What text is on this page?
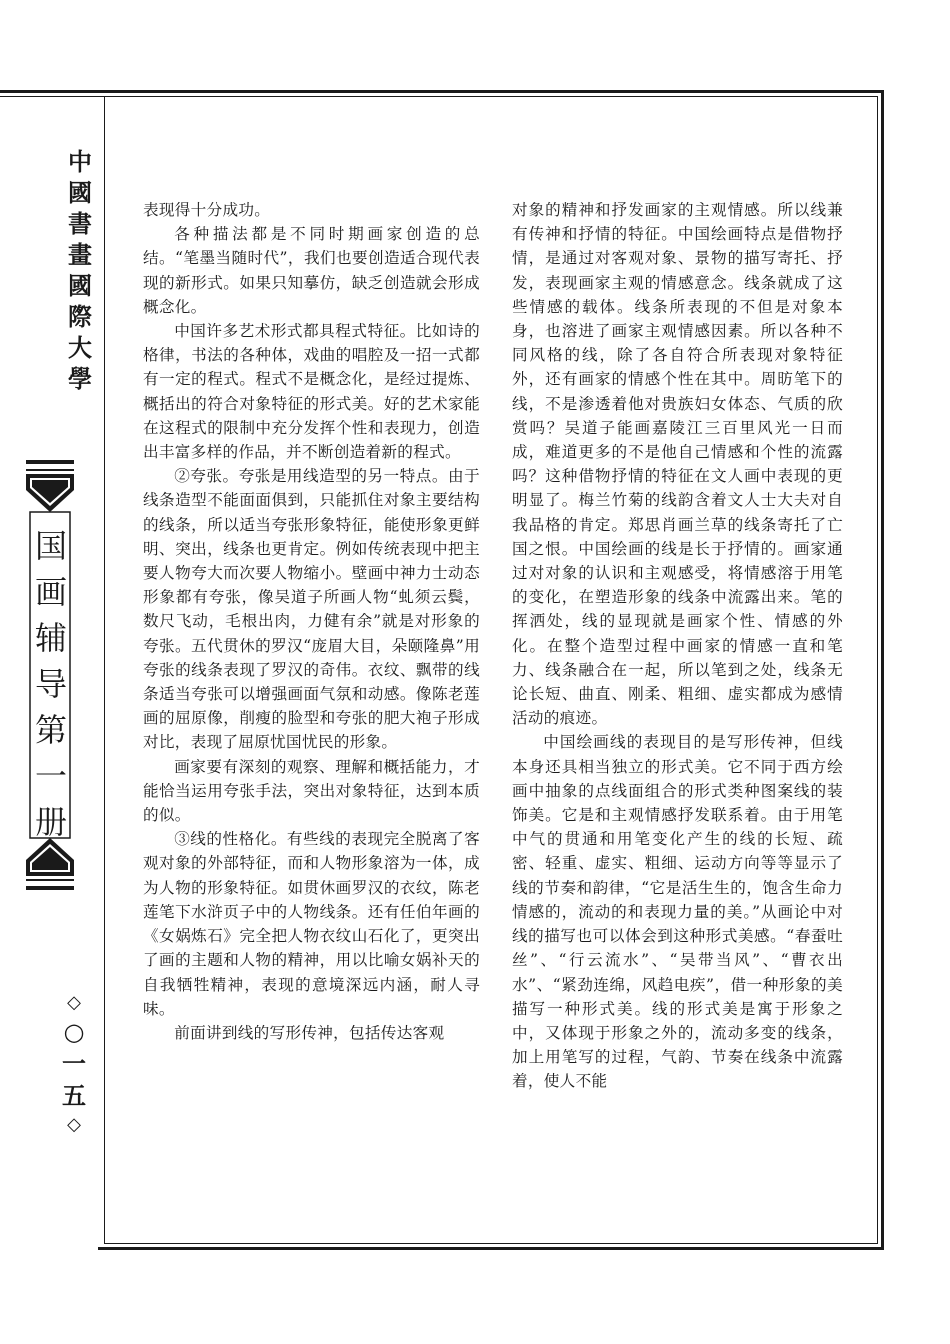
中
國
書
畫
國
際
大
學
国
画
辅
导
第
一
册
◇
○
一
五
◇

表现得十分成功。

各种描法都是不同时期画家创造的总结。“笔墨当随时代”，我们也要创造适合现代表现的新形式。如果只知摹仿，缺乏创造就会形成概念化。

中国许多艺术形式都具程式特征。比如诗的格律，书法的各种体，戏曲的唱腔及一招一式都有一定的程式。程式不是概念化，是经过提炼、概括出的符合对象特征的形式美。好的艺术家能在这程式的限制中充分发挥个性和表现力，创造出丰富多样的作品，并不断创造着新的程式。

②夸张。夸张是用线造型的另一特点。由于线条造型不能面面俱到，只能抓住对象主要结构的线条，所以适当夸张形象特征，能使形象更鲜明、突出，线条也更肯定。例如传统表现中把主要人物夸大而次要人物缩小。壁画中神力士动态形象都有夸张，像吴道子所画人物“虬须云鬓，数尺飞动，毛根出肉，力健有余”就是对形象的夸张。五代贯休的罗汉“庞眉大目，朵颐隆鼻”用夸张的线条表现了罗汉的奇伟。衣纹、飘带的线条适当夸张可以增强画面气氛和动感。像陈老莲画的屈原像，削瘦的脸型和夸张的肥大袍子形成对比，表现了屈原忧国忧民的形象。

画家要有深刻的观察、理解和概括能力，才能恰当运用夸张手法，突出对象特征，达到本质的似。

③线的性格化。有些线的表现完全脱离了客观对象的外部特征，而和人物形象溶为一体，成为人物的形象特征。如贯休画罗汉的衣纹，陈老莲笔下水浒页子中的人物线条。还有任伯年画的《女娲炼石》完全把人物衣纹山石化了，更突出了画的主题和人物的精神，用以比喻女娲补天的自我牺牲精神，表现的意境深远内涵，耐人寻味。

前面讲到线的写形传神，包括传达客观

对象的精神和抒发画家的主观情感。所以线兼有传神和抒情的特征。中国绘画特点是借物抒情，是通过对客观对象、景物的描写寄托、抒发，表现画家主观的情感意念。线条就成了这些情感的载体。线条所表现的不但是对象本身，也溶进了画家主观情感因素。所以各种不同风格的线，除了各自符合所表现对象特征外，还有画家的情感个性在其中。周昉笔下的线，不是渗透着他对贵族妇女体态、气质的欣赏吗？吴道子能画嘉陵江三百里风光一日而成，难道更多的不是他自己情感和个性的流露吗？这种借物抒情的特征在文人画中表现的更明显了。梅兰竹菊的线韵含着文人士大夫对自我品格的肯定。郑思肖画兰草的线条寄托了亡国之恨。中国绘画的线是长于抒情的。画家通过对对象的认识和主观感受，将情感溶于用笔的变化，在塑造形象的线条中流露出来。笔的挥洒处，线的显现就是画家个性、情感的外化。在整个造型过程中画家的情感一直和笔力、线条融合在一起，所以笔到之处，线条无论长短、曲直、刚柔、粗细、虚实都成为感情活动的痕迹。

中国绘画线的表现目的是写形传神，但线本身还具相当独立的形式美。它不同于西方绘画中抽象的点线面组合的形式类种图案线的装饰美。它是和主观情感抒发联系着。由于用笔中气的贯通和用笔变化产生的线的长短、疏密、轻重、虚实、粗细、运动方向等等显示了线的节奏和韵律，“它是活生生的，饱含生命力情感的，流动的和表现力量的美。”从画论中对线的描写也可以体会到这种形式美感。“春蚕吐丝”、“行云流水”、“吴带当风”、“曹衣出水”、“紧劲连绵，风趋电疾”，借一种形象的美描写一种形式美。线的形式美是寓于形象之中，又体现于形象之外的，流动多变的线条，加上用笔写的过程，气韵、节奏在线条中流露着，使人不能
